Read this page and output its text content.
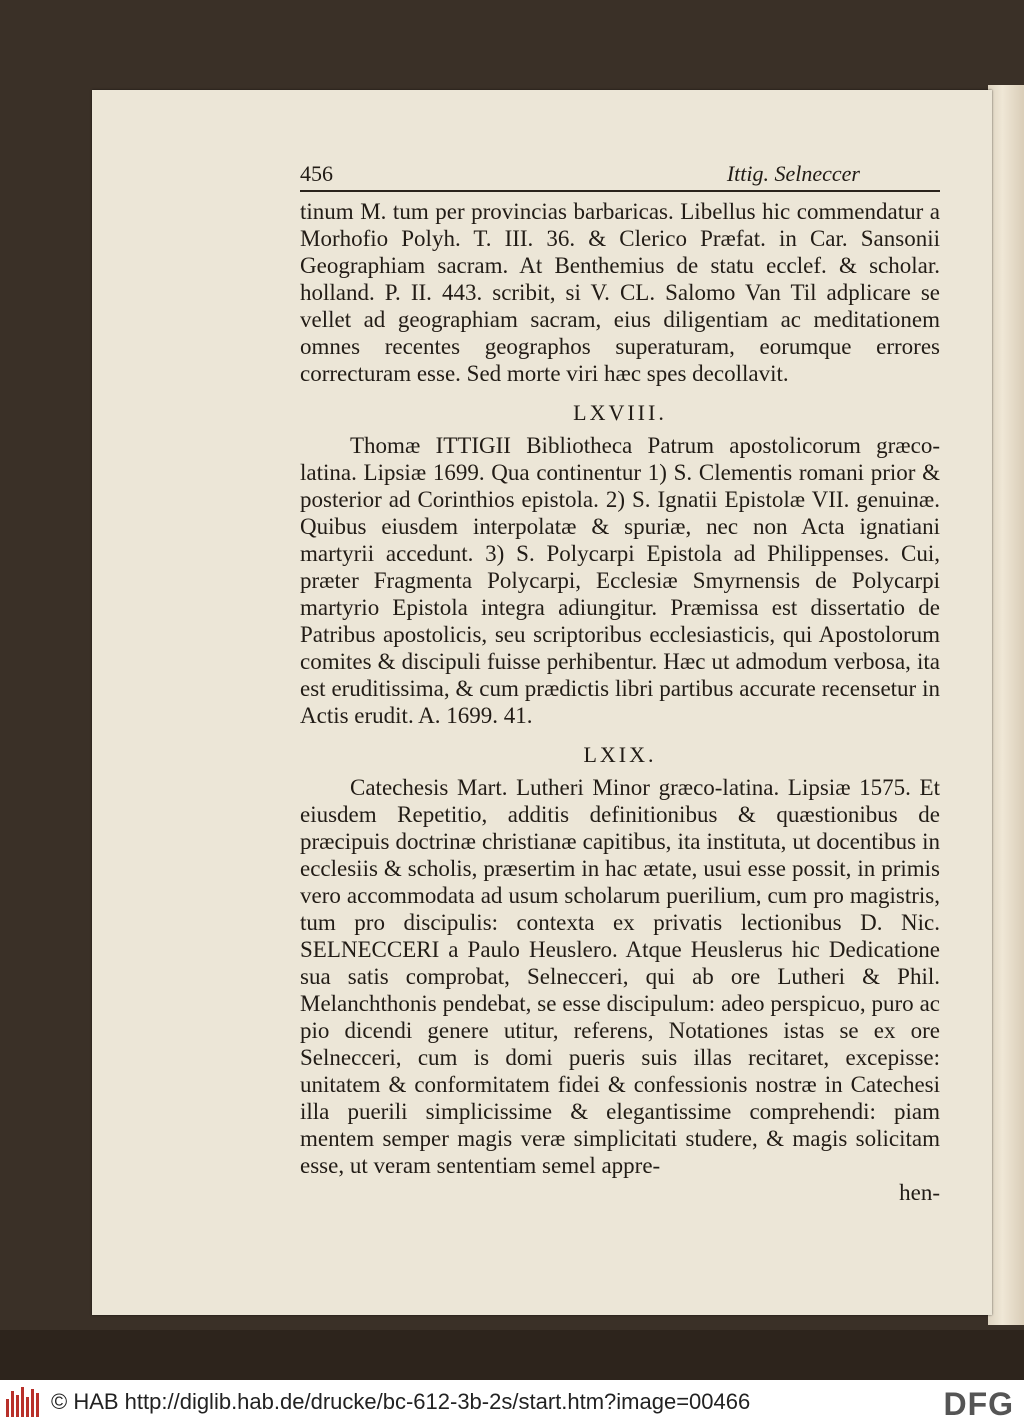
456	Ittig. Selneccer

tinum M. tum per provincias barbaricas. Libellus hic commendatur a Morhofio Polyh. T. III. 36. & Clerico Præfat. in Car. Sansonii Geographiam sacram. At Benthemius de statu ecclef. & scholar. holland. P. II. 443. scribit, si V. CL. Salomo Van Til adplicare se vellet ad geographiam sacram, eius diligentiam ac meditationem omnes recentes geographos superaturam, eorumque errores correcturam esse. Sed morte viri hæc spes decollavit.

LXVIII.

Thomæ ITTIGII Bibliotheca Patrum apostolicorum græco-latina. Lipsiæ 1699. Qua continentur 1) S. Clementis romani prior & posterior ad Corinthios epistola. 2) S. Ignatii Epistolæ VII. genuinæ. Quibus eiusdem interpolatæ & spuriæ, nec non Acta ignatiani martyrii accedunt. 3) S. Polycarpi Epistola ad Philippenses. Cui, præter Fragmenta Polycarpi, Ecclesiæ Smyrnensis de Polycarpi martyrio Epistola integra adiungitur. Præmissa est dissertatio de Patribus apostolicis, seu scriptoribus ecclesiasticis, qui Apostolorum comites & discipuli fuisse perhibentur. Hæc ut admodum verbosa, ita est eruditissima, & cum prædictis libri partibus accurate recensetur in Actis erudit. A. 1699. 41.

LXIX.

Catechesis Mart. Lutheri Minor græco-latina. Lipsiæ 1575. Et eiusdem Repetitio, additis definitionibus & quæstionibus de præcipuis doctrinæ christianæ capitibus, ita instituta, ut docentibus in ecclesiis & scholis, præsertim in hac ætate, usui esse possit, in primis vero accommodata ad usum scholarum puerilium, cum pro magistris, tum pro discipulis: contexta ex privatis lectionibus D. Nic. SELNECCERI a Paulo Heuslero. Atque Heuslerus hic Dedicatione sua satis comprobat, Selnecceri, qui ab ore Lutheri & Phil. Melanchthonis pendebat, se esse discipulum: adeo perspicuo, puro ac pio dicendi genere utitur, referens, Notationes istas se ex ore Selnecceri, cum is domi pueris suis illas recitaret, excepisse: unitatem & conformitatem fidei & confessionis nostræ in Catechesi illa puerili simplicissime & elegantissime comprehendi: piam mentem semper magis veræ simplicitati studere, & magis solicitam esse, ut veram sententiam semel appre-

hen-
© HAB http://diglib.hab.de/drucke/bc-612-3b-2s/start.htm?image=00466	DFG
